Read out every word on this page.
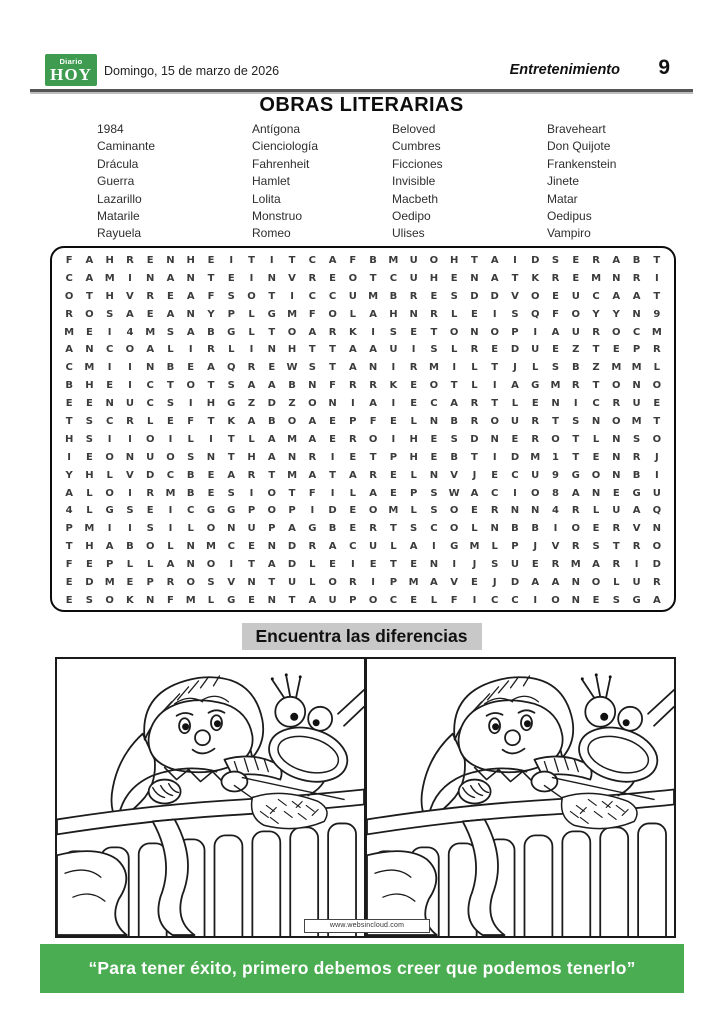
Diario
HOY Domingo, 15 de marzo de 2026	Entretenimiento 9
OBRAS LITERARIAS
1984
Caminante
Drácula
Guerra
Lazarillo
Matarile
Rayuela
Antígona
Cienciología
Fahrenheit
Hamlet
Lolita
Monstruo
Romeo
Beloved
Cumbres
Ficciones
Invisible
Macbeth
Oedipo
Ulises
Braveheart
Don Quijote
Frankenstein
Jinete
Matar
Oedipus
Vampiro
F	A	H	R	E	N	H	E	I	T	I	T	C	A	F	B	M	U	O	H	T	A	I	D	S	E	R	A	B	T
C	A	M	I	N	A	N	T	E	I	N	V	R	E	O	T	C	U	H	E	N	A	T	K	R	E	M	N	R	I
O	T	H	V	R	E	A	F	S	O	T	I	C	C	U	M	B	R	E	S	D	D	V	O	E	U	C	A	A	T
R	O	S	A	E	A	N	Y	P	L	G	M	F	O	L	A	H	N	R	L	E	I	S	Q	F	O	Y	Y	N	9
M	E	I	4	M	S	A	B	G	L	T	O	A	R	K	I	S	E	T	O	N	O	P	I	A	U	R	O	C	M
A	N	C	O	A	L	I	R	L	I	N	H	T	T	A	A	U	I	S	L	R	E	D	U	E	Z	T	E	P	R
C	M	I	I	N	B	E	A	Q	R	E	W	S	T	A	N	I	R	M	I	L	T	J	L	S	B	Z	M	M	L
B	H	E	I	C	T	O	T	S	A	A	B	N	F	R	R	K	E	O	T	L	I	A	G	M	R	T	O	N	O
E	E	N	U	C	S	I	H	G	Z	D	Z	O	N	I	A	I	E	C	A	R	T	L	E	N	I	C	R	U	E
T	S	C	R	L	E	F	T	K	A	B	O	A	E	P	F	E	L	N	B	R	O	U	R	T	S	N	O	M	T
H	S	I	I	O	I	L	I	T	L	A	M	A	E	R	O	I	H	E	S	D	N	E	R	O	T	L	N	S	O
I	E	O	N	U	O	S	N	T	H	A	N	R	I	E	T	P	H	E	B	T	I	D	M	1	T	E	N	R	J
Y	H	L	V	D	C	B	E	A	R	T	M	A	T	A	R	E	L	N	V	J	E	C	U	9	G	O	N	B	I
A	L	O	I	R	M	B	E	S	I	O	T	F	I	L	A	E	P	S	W	A	C	I	O	8	A	N	E	G	U
4	L	G	S	E	I	C	G	G	P	O	P	I	D	E	O	M	L	S	O	E	R	N	N	4	R	L	U	A	Q
P	M	I	I	S	I	L	O	N	U	P	A	G	B	E	R	T	S	C	O	L	N	B	B	I	O	E	R	V	N
T	H	A	B	O	L	N	M	C	E	N	D	R	A	C	U	L	A	I	G	M	L	P	J	V	R	S	T	R	O
F	E	P	L	L	A	N	O	I	T	A	D	L	E	I	E	T	E	N	I	J	S	U	E	R	M	A	R	I	D
E	D	M	E	P	R	O	S	V	N	T	U	L	O	R	I	P	M	A	V	E	J	D	A	A	N	O	L	U	R
E	S	O	K	N	F	M	L	G	E	N	T	A	U	P	O	C	E	L	F	I	C	C	I	O	N	E	S	G	A
Encuentra las diferencias
www.websincloud.com
“Para tener éxito, primero debemos creer que podemos tenerlo”
